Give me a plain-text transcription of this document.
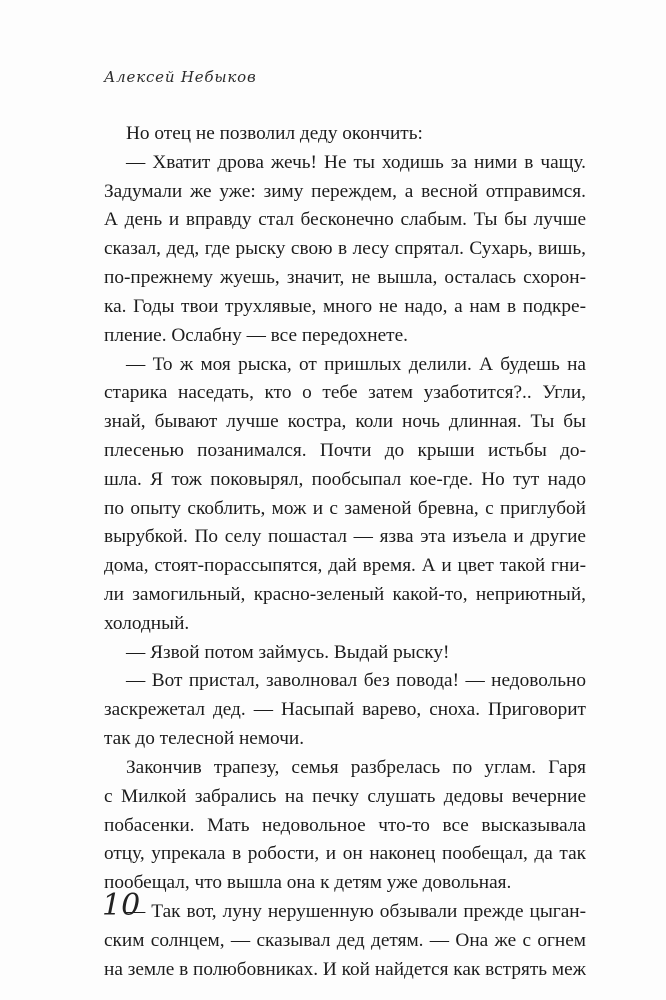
Алексей Небыков

Но отец не позволил деду окончить:
— Хватит дрова жечь! Не ты ходишь за ними в чащу.
Задумали же уже: зиму переждем, а весной отправимся.
А день и вправду стал бесконечно слабым. Ты бы лучше
сказал, дед, где рыску свою в лесу спрятал. Сухарь, вишь,
по-прежнему жуешь, значит, не вышла, осталась схорон-
ка. Годы твои трухлявые, много не надо, а нам в подкре-
пление. Ослабну — все передохнете.
— То ж моя рыска, от пришлых делили. А будешь на
старика наседать, кто о тебе затем узаботится?.. Угли,
знай, бывают лучше костра, коли ночь длинная. Ты бы
плесенью позанимался. Почти до крыши истьбы до-
шла. Я тож поковырял, пообсыпал кое-где. Но тут надо
по опыту скоблить, мож и с заменой бревна, с приглубой
вырубкой. По селу пошастал — язва эта изъела и другие
дома, стоят-порассыпятся, дай время. А и цвет такой гни-
ли замогильный, красно-зеленый какой-то, неприютный,
холодный.
— Язвой потом займусь. Выдай рыску!
— Вот пристал, заволновал без повода! — недовольно
заскрежетал дед. — Насыпай варево, сноха. Приговорит
так до телесной немочи.
Закончив трапезу, семья разбрелась по углам. Гаря
с Милкой забрались на печку слушать дедовы вечерние
побасенки. Мать недовольное что-то все высказывала
отцу, упрекала в робости, и он наконец пообещал, да так
пообещал, что вышла она к детям уже довольная.
— Так вот, луну нерушенную обзывали прежде цыган-
ским солнцем, — сказывал дед детям. — Она же с огнем
на земле в полюбовниках. И кой найдется как встрять меж

10
